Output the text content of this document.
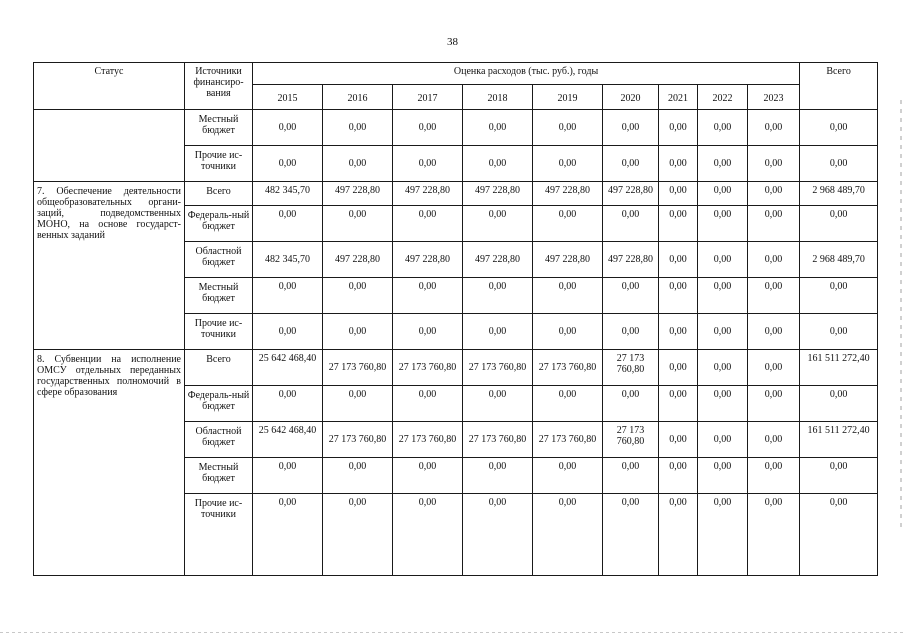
38
Статус	Источники финансиро-вания	Оценка расходов (тыс. руб.), годы									Всего
		2015	2016	2017	2018	2019	2020	2021	2022	2023	
	Местный бюджет	0,00	0,00	0,00	0,00	0,00	0,00	0,00	0,00	0,00	0,00
	Прочие ис-точники	0,00	0,00	0,00	0,00	0,00	0,00	0,00	0,00	0,00	0,00
7. Обеспечение деятельности общеобразовательных органи-заций, подведомственных МОНО, на основе государст-венных заданий	Всего	482 345,70	497 228,80	497 228,80	497 228,80	497 228,80	497 228,80	0,00	0,00	0,00	2 968 489,70
	Федераль-ный бюджет	0,00	0,00	0,00	0,00	0,00	0,00	0,00	0,00	0,00	0,00
	Областной бюджет	482 345,70	497 228,80	497 228,80	497 228,80	497 228,80	497 228,80	0,00	0,00	0,00	2 968 489,70
	Местный бюджет	0,00	0,00	0,00	0,00	0,00	0,00	0,00	0,00	0,00	0,00
	Прочие ис-точники	0,00	0,00	0,00	0,00	0,00	0,00	0,00	0,00	0,00	0,00
8. Субвенции на исполнение ОМСУ отдельных переданных государственных полномочий в сфере образования	Всего	25 642 468,40	27 173 760,80	27 173 760,80	27 173 760,80	27 173 760,80	27 173 760,80	0,00	0,00	0,00	161 511 272,40
	Федераль-ный бюджет	0,00	0,00	0,00	0,00	0,00	0,00	0,00	0,00	0,00	0,00
	Областной бюджет	25 642 468,40	27 173 760,80	27 173 760,80	27 173 760,80	27 173 760,80	27 173 760,80	0,00	0,00	0,00	161 511 272,40
	Местный бюджет	0,00	0,00	0,00	0,00	0,00	0,00	0,00	0,00	0,00	0,00
	Прочие ис-точники	0,00	0,00	0,00	0,00	0,00	0,00	0,00	0,00	0,00	0,00
